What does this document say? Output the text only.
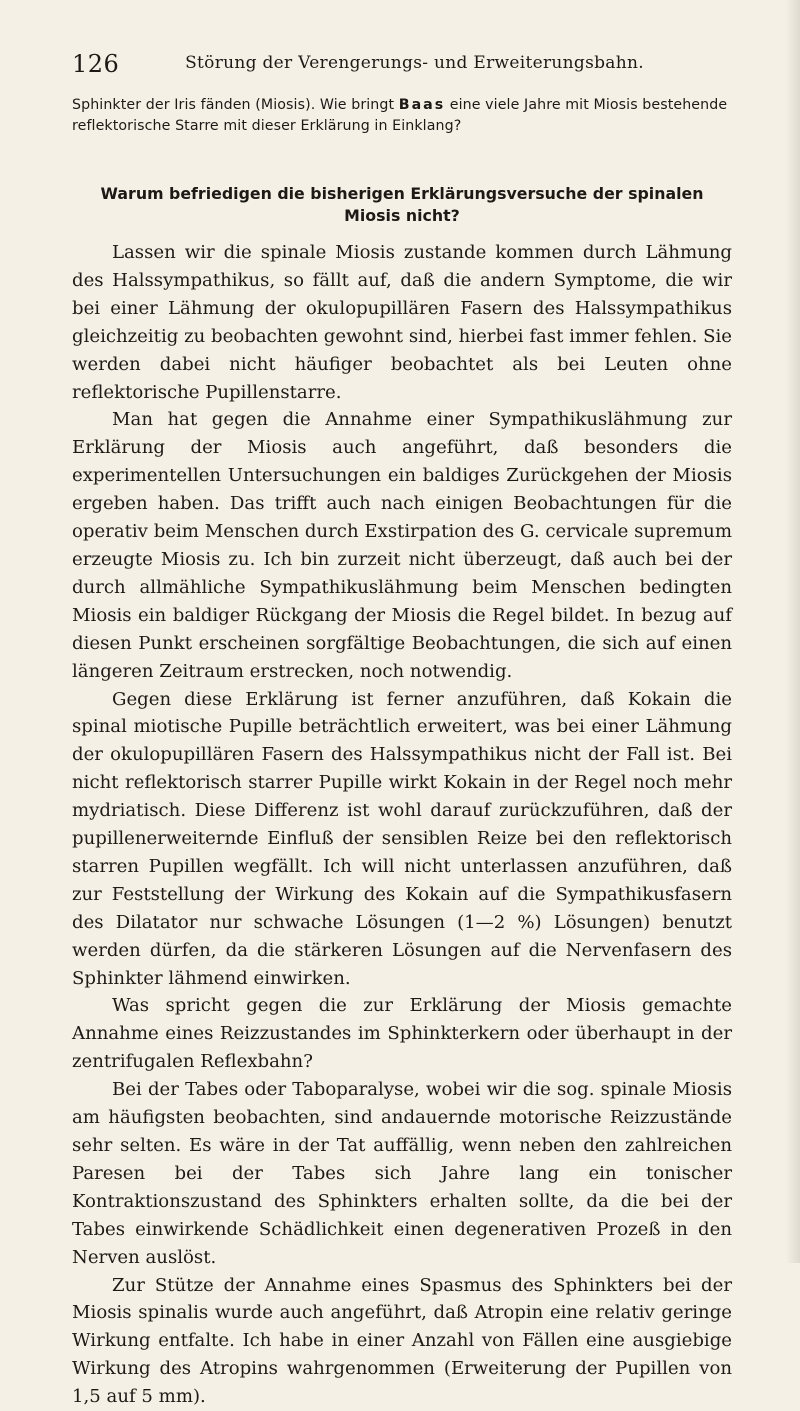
126	Störung der Verengerungs- und Erweiterungsbahn.
Sphinkter der Iris fänden (Miosis). Wie bringt Baas eine viele Jahre mit Miosis bestehende reflektorische Starre mit dieser Erklärung in Einklang?
Warum befriedigen die bisherigen Erklärungsversuche der spinalen Miosis nicht?

Lassen wir die spinale Miosis zustande kommen durch Lähmung des Halssympathikus, so fällt auf, daß die andern Symptome, die wir bei einer Lähmung der okulopupillären Fasern des Halssympathikus gleichzeitig zu beobachten gewohnt sind, hierbei fast immer fehlen. Sie werden dabei nicht häufiger beobachtet als bei Leuten ohne reflektorische Pupillenstarre.

Man hat gegen die Annahme einer Sympathikuslähmung zur Erklärung der Miosis auch angeführt, daß besonders die experimentellen Untersuchungen ein baldiges Zurückgehen der Miosis ergeben haben. Das trifft auch nach einigen Beobachtungen für die operativ beim Menschen durch Exstirpation des G. cervicale supremum erzeugte Miosis zu. Ich bin zurzeit nicht überzeugt, daß auch bei der durch allmähliche Sympathikuslähmung beim Menschen bedingten Miosis ein baldiger Rückgang der Miosis die Regel bildet. In bezug auf diesen Punkt erscheinen sorgfältige Beobachtungen, die sich auf einen längeren Zeitraum erstrecken, noch notwendig.

Gegen diese Erklärung ist ferner anzuführen, daß Kokain die spinal miotische Pupille beträchtlich erweitert, was bei einer Lähmung der okulopupillären Fasern des Halssympathikus nicht der Fall ist. Bei nicht reflektorisch starrer Pupille wirkt Kokain in der Regel noch mehr mydriatisch. Diese Differenz ist wohl darauf zurückzuführen, daß der pupillenerweiternde Einfluß der sensiblen Reize bei den reflektorisch starren Pupillen wegfällt. Ich will nicht unterlassen anzuführen, daß zur Feststellung der Wirkung des Kokain auf die Sympathikusfasern des Dilatator nur schwache Lösungen (1—2 %) Lösungen) benutzt werden dürfen, da die stärkeren Lösungen auf die Nervenfasern des Sphinkter lähmend einwirken.

Was spricht gegen die zur Erklärung der Miosis gemachte Annahme eines Reizzustandes im Sphinkterkern oder überhaupt in der zentrifugalen Reflexbahn?

Bei der Tabes oder Taboparalyse, wobei wir die sog. spinale Miosis am häufigsten beobachten, sind andauernde motorische Reizzustände sehr selten. Es wäre in der Tat auffällig, wenn neben den zahlreichen Paresen bei der Tabes sich Jahre lang ein tonischer Kontraktionszustand des Sphinkters erhalten sollte, da die bei der Tabes einwirkende Schädlichkeit einen degenerativen Prozeß in den Nerven auslöst.

Zur Stütze der Annahme eines Spasmus des Sphinkters bei der Miosis spinalis wurde auch angeführt, daß Atropin eine relativ geringe Wirkung entfalte. Ich habe in einer Anzahl von Fällen eine ausgiebige Wirkung des Atropins wahrgenommen (Erweiterung der Pupillen von 1,5 auf 5 mm).
